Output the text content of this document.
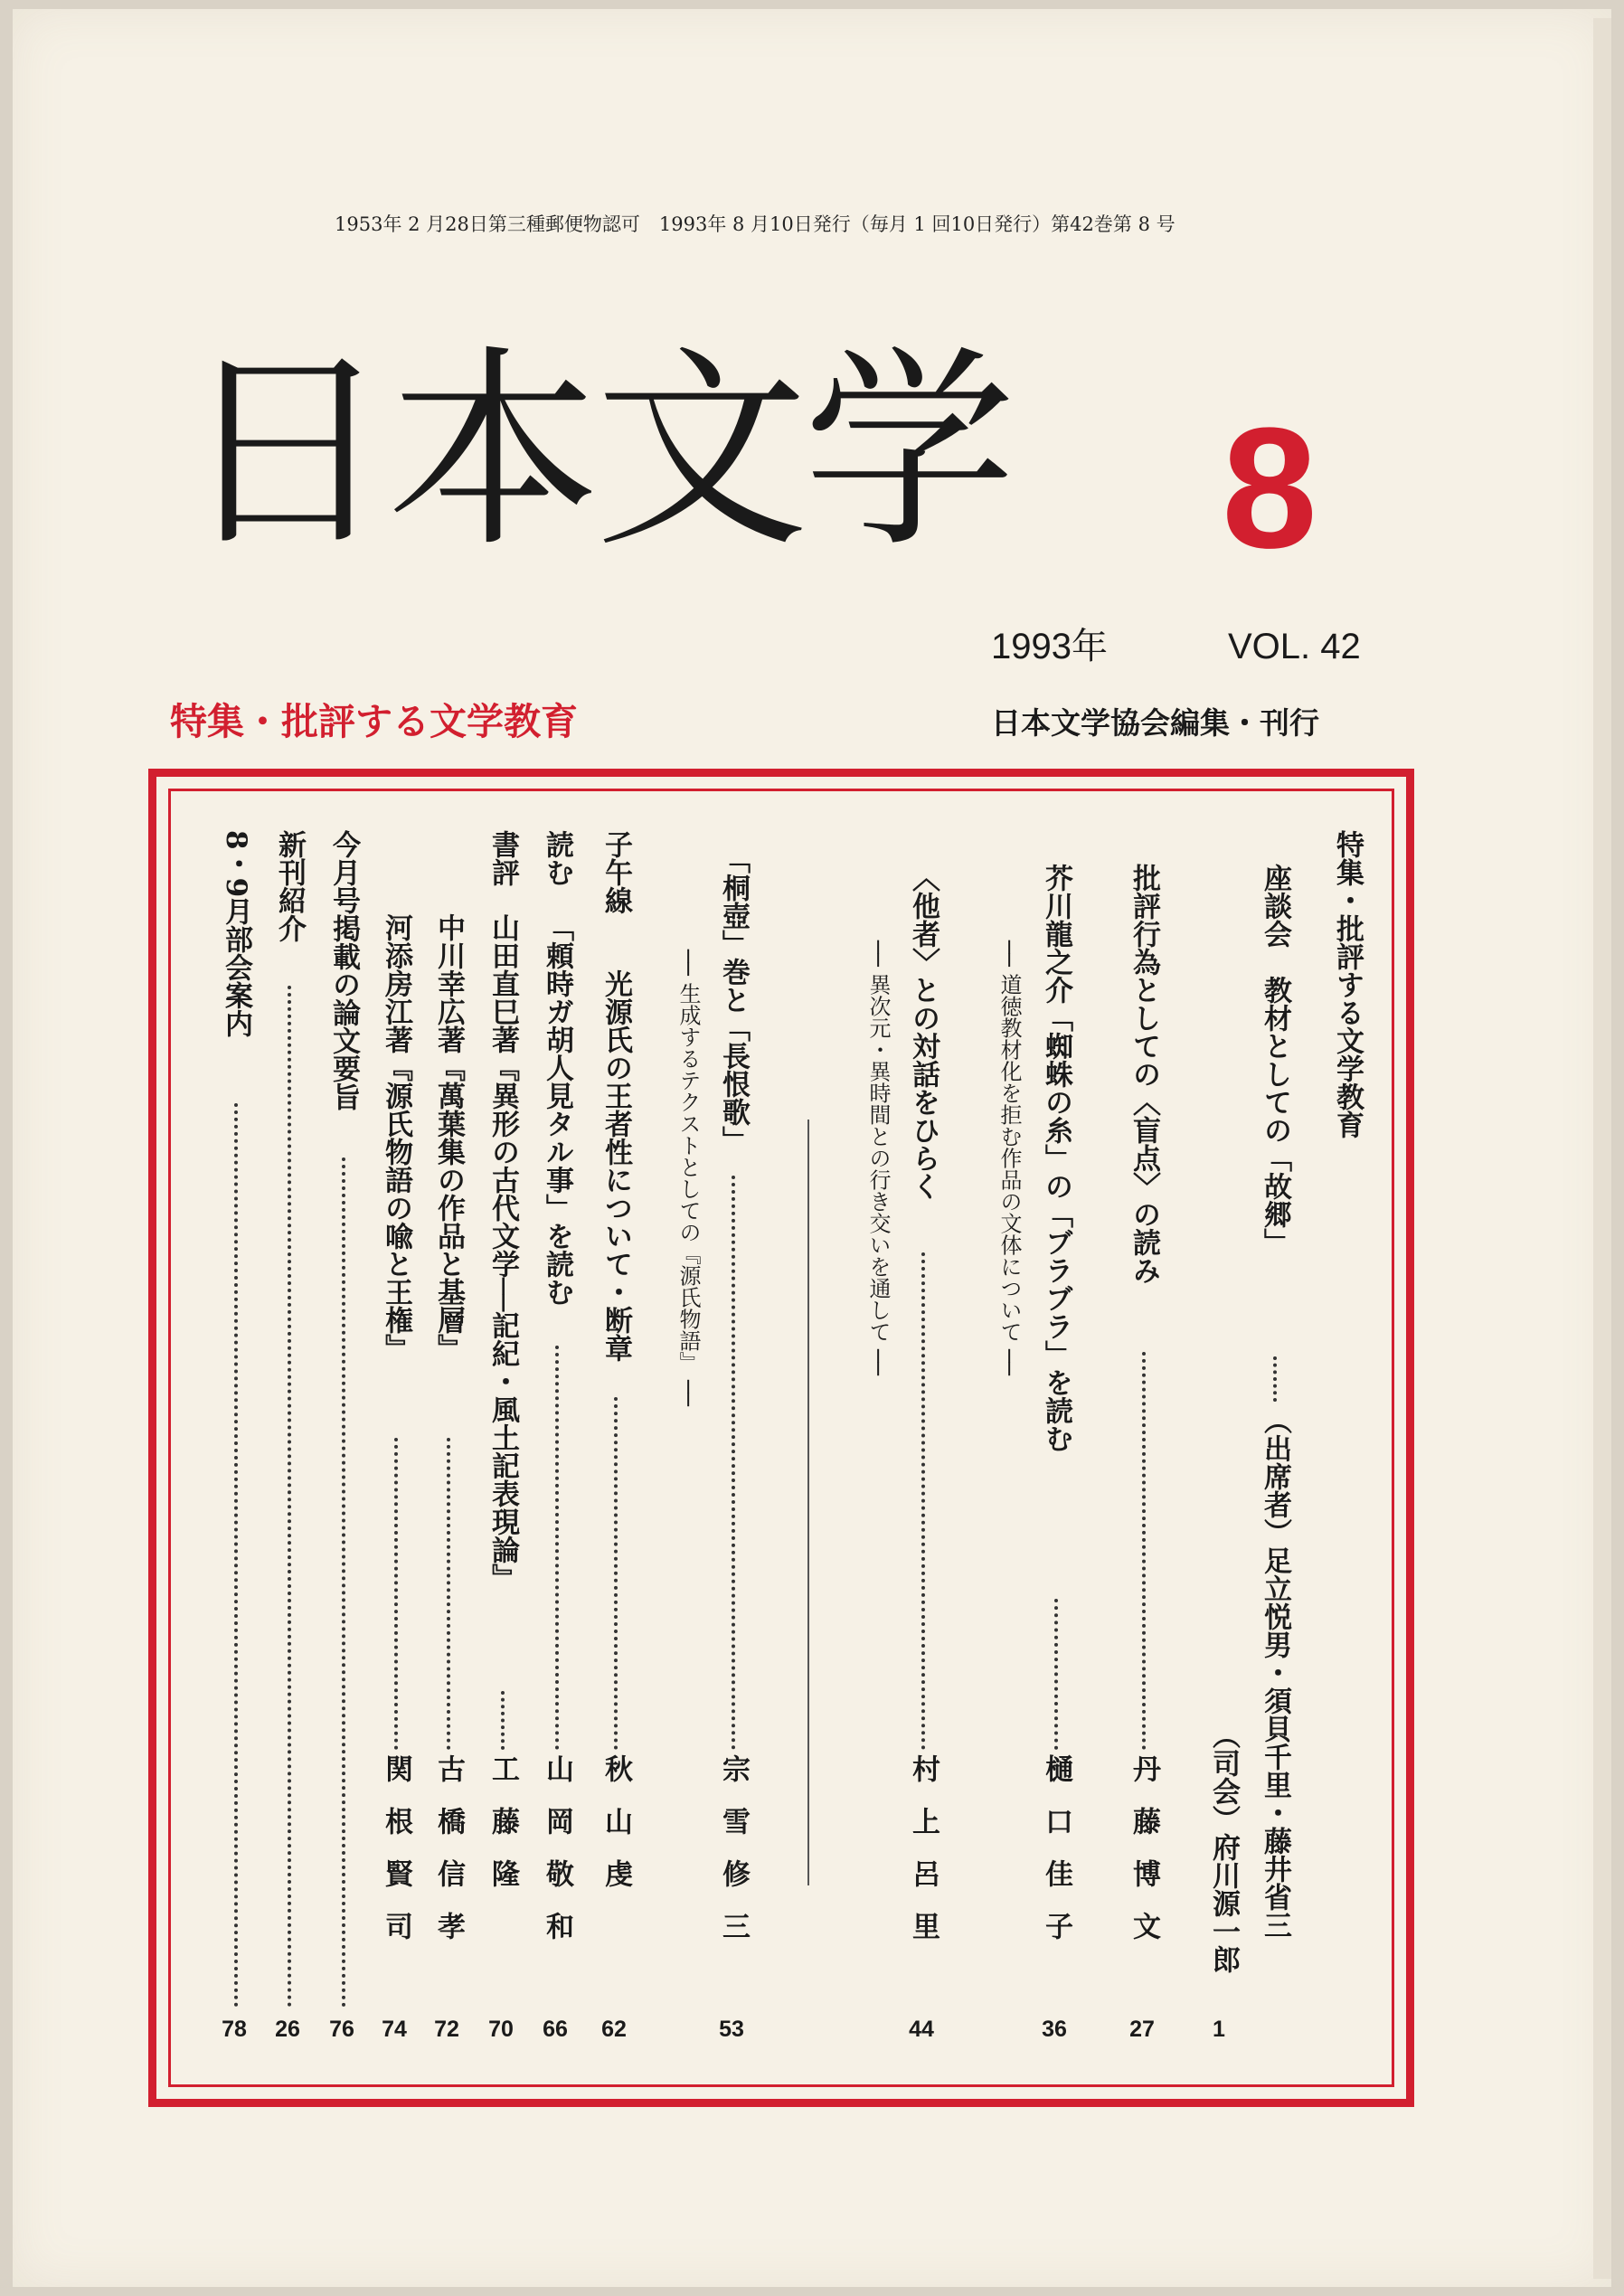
1953年 2 月28日第三種郵便物認可　1993年 8 月10日発行（毎月 1 回10日発行）第42巻第 8 号
日本文学 8
1993年	VOL. 42
特集・批評する文学教育	日本文学協会編集・刊行
特集・批評する文学教育
座談会　教材としての「故郷」
（出席者）足立悦男・須貝千里・藤井省三
（司会）府川源一郎
1
批評行為としての〈盲点〉の読み
丹藤博文
27
芥川龍之介「蜘蛛の糸」の「ブラブラ」を読む
── 道徳教材化を拒む作品の文体について ──
樋口佳子
36
〈他者〉との対話をひらく
── 異次元・異時間との行き交いを通して ──
村上呂里
44
「桐壺」巻と「長恨歌」
── 生成するテクストとしての『源氏物語』 ──
宗雪修三
53
子午線
光源氏の王者性について・断章
秋山虔
62
読む
「頼時ガ胡人見タル事」を読む
山岡敬和
66
書評
山田直巳著『異形の古代文学──記紀・風土記表現論』
工藤隆
70
中川幸広著『萬葉集の作品と基層』
古橋信孝
72
河添房江著『源氏物語の喩と王権』
関根賢司
74
今月号掲載の論文要旨
76
新刊紹介
26
8・9月部会案内
78
